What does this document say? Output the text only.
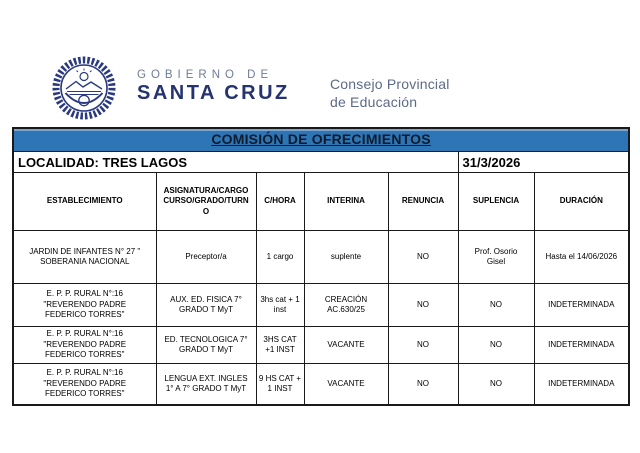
GOBIERNO DE
SANTA CRUZ	Consejo Provincial
de Educación
COMISIÓN DE OFRECIMIENTOS						
LOCALIDAD: TRES LAGOS					31/3/2026	
ESTABLECIMIENTO	ASIGNATURA/CARGO CURSO/GRADO/TURNO	C/HORA	INTERINA	RENUNCIA	SUPLENCIA	DURACIÓN
JARDIN DE INFANTES N° 27 " SOBERANIA NACIONAL	Preceptor/a	1 cargo	suplente	NO	Prof. Osorio Gisel	Hasta el 14/06/2026
E. P. P. RURAL N°:16 "REVERENDO PADRE FEDERICO TORRES"	AUX. ED. FISICA 7° GRADO T MyT	3hs cat + 1 inst	CREACIÓN AC.630/25	NO	NO	INDETERMINADA
E. P. P. RURAL N°:16 "REVERENDO PADRE FEDERICO TORRES"	ED. TECNOLOGICA 7° GRADO T MyT	3HS CAT +1 INST	VACANTE	NO	NO	INDETERMINADA
E. P. P. RURAL N°:16 "REVERENDO PADRE FEDERICO TORRES"	LENGUA EXT. INGLES 1° A 7° GRADO T MyT	9 HS CAT + 1 INST	VACANTE	NO	NO	INDETERMINADA
